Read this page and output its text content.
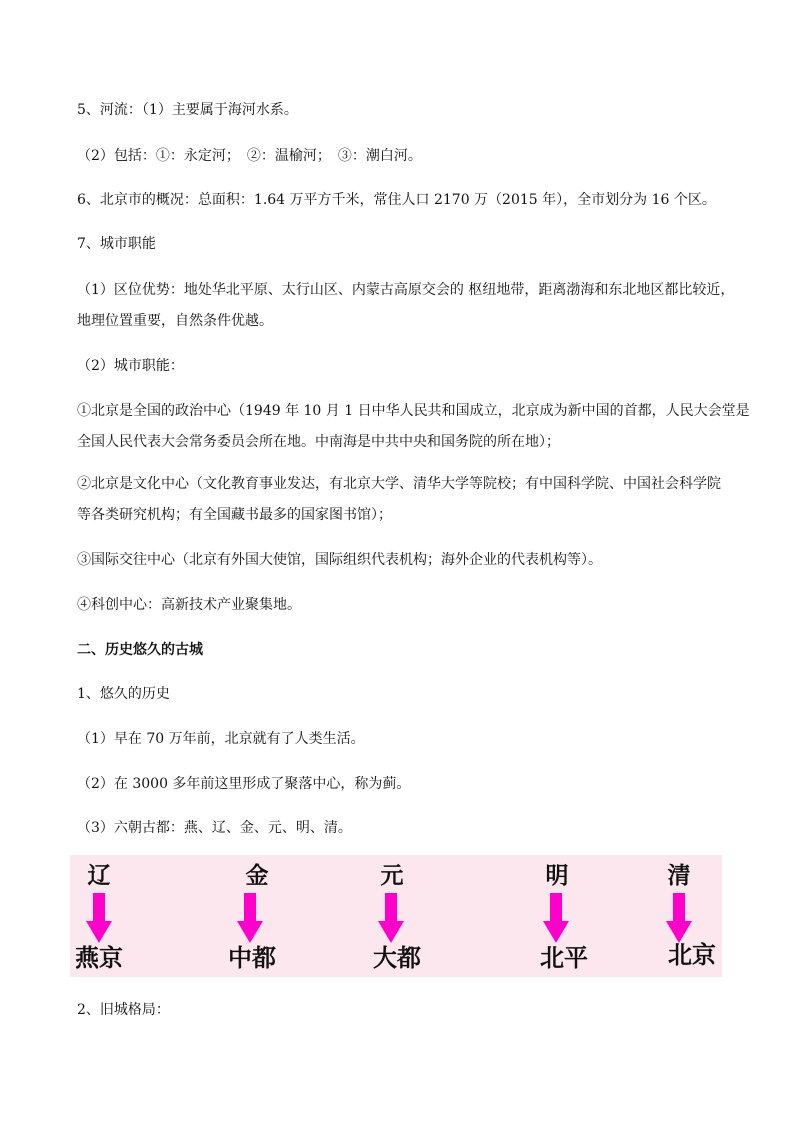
5、河流：（1）主要属于海河水系。
（2）包括：①：永定河；　②：温榆河；　③：潮白河。
6、北京市的概况：总面积：1.64 万平方千米，常住人口 2170 万（2015 年），全市划分为 16 个区。
7、城市职能
（1）区位优势：地处华北平原、太行山区、内蒙古高原交会的 枢纽地带，距离渤海和东北地区都比较近，
地理位置重要，自然条件优越。
（2）城市职能：
①北京是全国的政治中心（1949 年 10 月 1 日中华人民共和国成立，北京成为新中国的首都，人民大会堂是
全国人民代表大会常务委员会所在地。中南海是中共中央和国务院的所在地）；
②北京是文化中心（文化教育事业发达，有北京大学、清华大学等院校；有中国科学院、中国社会科学院
等各类研究机构；有全国藏书最多的国家图书馆）；
③国际交往中心（北京有外国大使馆，国际组织代表机构；海外企业的代表机构等）。
④科创中心：高新技术产业聚集地。
二、历史悠久的古城
1、悠久的历史
（1）早在 70 万年前，北京就有了人类生活。
（2）在 3000 多年前这里形成了聚落中心，称为蓟。
（3）六朝古都：燕、辽、金、元、明、清。
辽
燕京
金
中都
元
大都
明
北平
清
北京
2、旧城格局：
